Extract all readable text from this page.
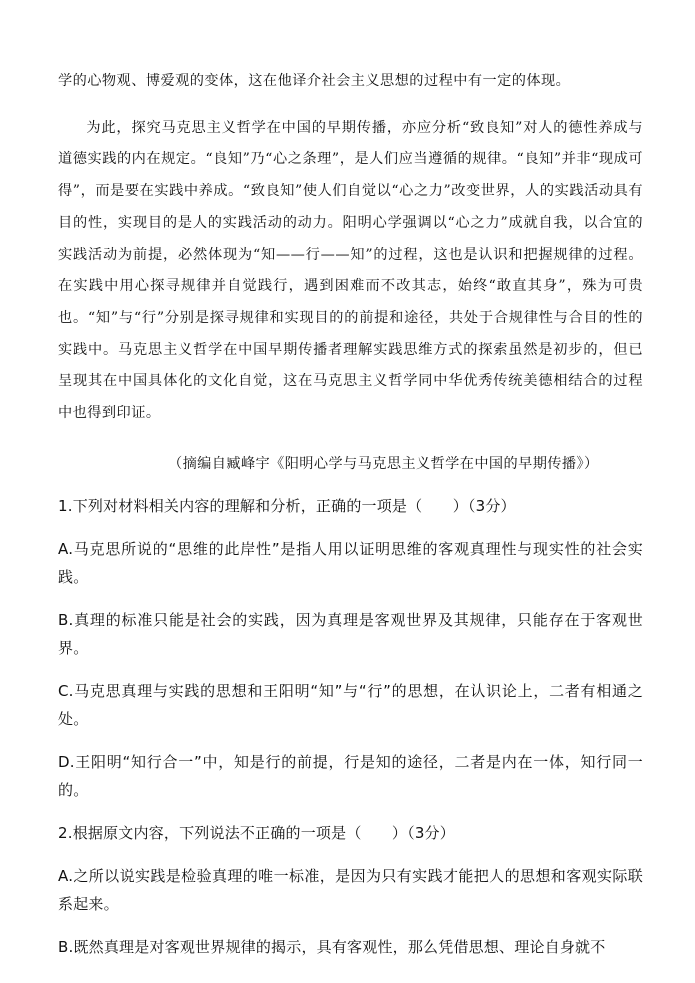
学的心物观、博爱观的变体，这在他译介社会主义思想的过程中有一定的体现。

为此，探究马克思主义哲学在中国的早期传播，亦应分析“致良知”对人的德性养成与道德实践的内在规定。“良知”乃“心之条理”，是人们应当遵循的规律。“良知”并非“现成可得”，而是要在实践中养成。“致良知”使人们自觉以“心之力”改变世界，人的实践活动具有目的性，实现目的是人的实践活动的动力。阳明心学强调以“心之力”成就自我，以合宜的实践活动为前提，必然体现为“知——行——知”的过程，这也是认识和把握规律的过程。在实践中用心探寻规律并自觉践行，遇到困难而不改其志，始终“敢直其身”，殊为可贵也。“知”与“行”分别是探寻规律和实现目的的前提和途径，共处于合规律性与合目的性的实践中。马克思主义哲学在中国早期传播者理解实践思维方式的探索虽然是初步的，但已呈现其在中国具体化的文化自觉，这在马克思主义哲学同中华优秀传统美德相结合的过程中也得到印证。

（摘编自臧峰宇《阳明心学与马克思主义哲学在中国的早期传播》）

1.下列对材料相关内容的理解和分析，正确的一项是（　　）（3分）

A.马克思所说的“思维的此岸性”是指人用以证明思维的客观真理性与现实性的社会实践。

B.真理的标准只能是社会的实践，因为真理是客观世界及其规律，只能存在于客观世界。

C.马克思真理与实践的思想和王阳明“知”与“行”的思想，在认识论上，二者有相通之处。

D.王阳明“知行合一”中，知是行的前提，行是知的途径，二者是内在一体，知行同一的。

2.根据原文内容，下列说法不正确的一项是（　　）（3分）

A.之所以说实践是检验真理的唯一标准，是因为只有实践才能把人的思想和客观实际联系起来。

B.既然真理是对客观世界规律的揭示，具有客观性，那么凭借思想、理论自身就不
